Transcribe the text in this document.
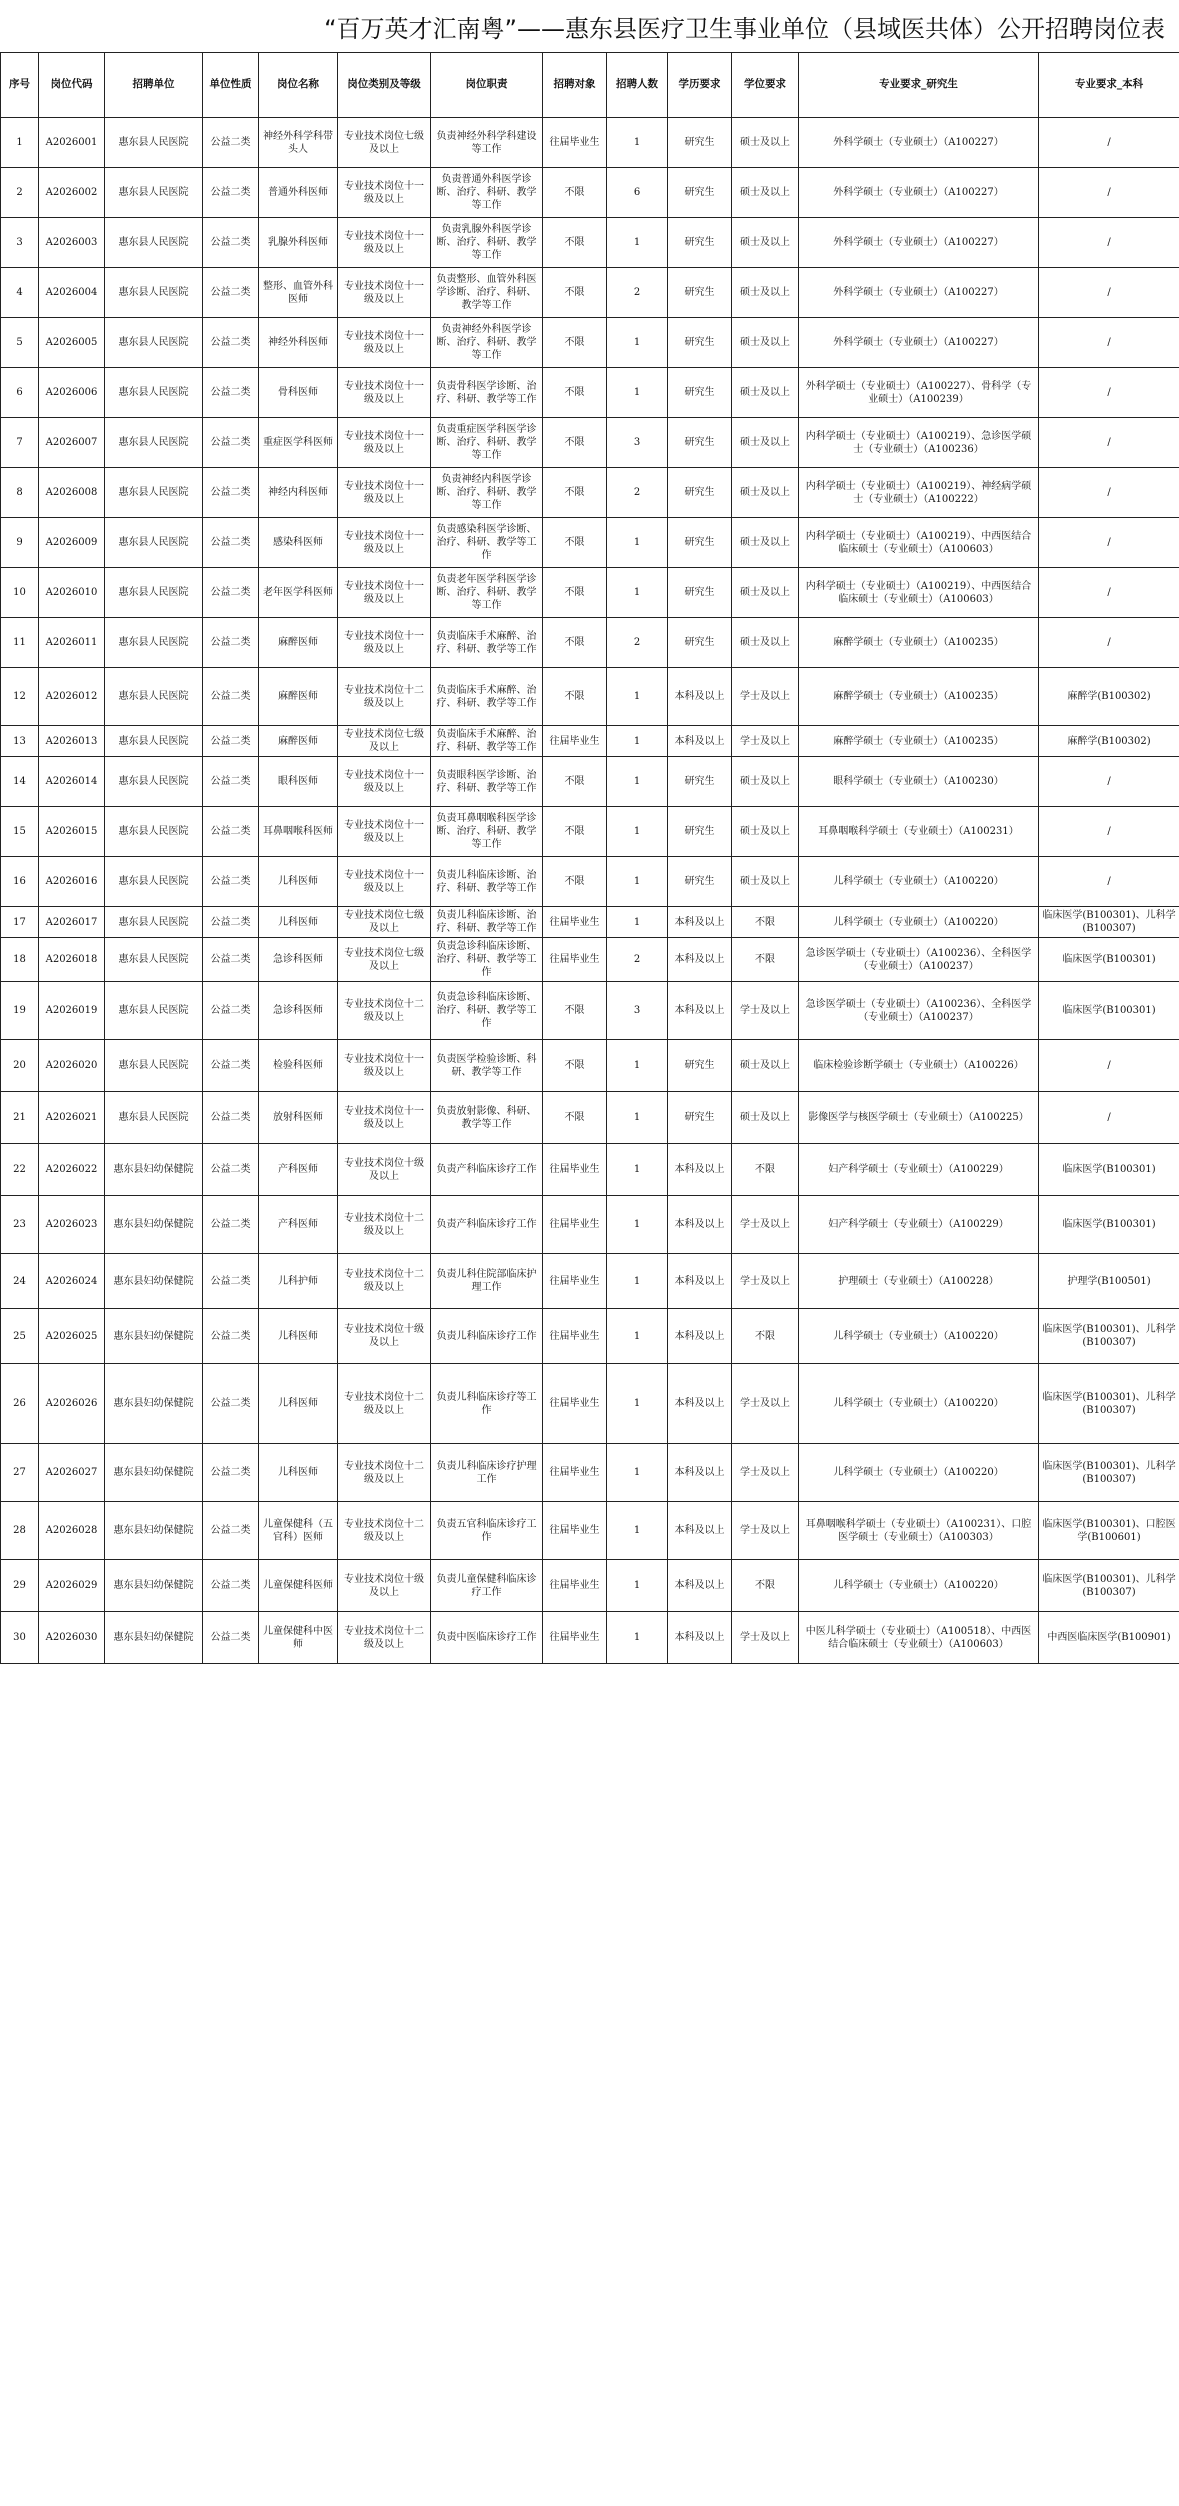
“百万英才汇南粤”——惠东县医疗卫生事业单位（县域医共体）公开招聘岗位表
序号	岗位代码	招聘单位	单位性质	岗位名称	岗位类别及等级	岗位职责	招聘对象	招聘人数	学历要求	学位要求	专业要求_研究生	专业要求_本科
1	A2026001	惠东县人民医院	公益二类	神经外科学科带头人	专业技术岗位七级及以上	负责神经外科学科建设等工作	往届毕业生	1	研究生	硕士及以上	外科学硕士（专业硕士）（A100227）	/
2	A2026002	惠东县人民医院	公益二类	普通外科医师	专业技术岗位十一级及以上	负责普通外科医学诊断、治疗、科研、教学等工作	不限	6	研究生	硕士及以上	外科学硕士（专业硕士）（A100227）	/
3	A2026003	惠东县人民医院	公益二类	乳腺外科医师	专业技术岗位十一级及以上	负责乳腺外科医学诊断、治疗、科研、教学等工作	不限	1	研究生	硕士及以上	外科学硕士（专业硕士）（A100227）	/
4	A2026004	惠东县人民医院	公益二类	整形、血管外科医师	专业技术岗位十一级及以上	负责整形、血管外科医学诊断、治疗、科研、教学等工作	不限	2	研究生	硕士及以上	外科学硕士（专业硕士）（A100227）	/
5	A2026005	惠东县人民医院	公益二类	神经外科医师	专业技术岗位十一级及以上	负责神经外科医学诊断、治疗、科研、教学等工作	不限	1	研究生	硕士及以上	外科学硕士（专业硕士）（A100227）	/
6	A2026006	惠东县人民医院	公益二类	骨科医师	专业技术岗位十一级及以上	负责骨科医学诊断、治疗、科研、教学等工作	不限	1	研究生	硕士及以上	外科学硕士（专业硕士）（A100227）、骨科学（专业硕士）（A100239）	/
7	A2026007	惠东县人民医院	公益二类	重症医学科医师	专业技术岗位十一级及以上	负责重症医学科医学诊断、治疗、科研、教学等工作	不限	3	研究生	硕士及以上	内科学硕士（专业硕士）（A100219）、急诊医学硕士（专业硕士）（A100236）	/
8	A2026008	惠东县人民医院	公益二类	神经内科医师	专业技术岗位十一级及以上	负责神经内科医学诊断、治疗、科研、教学等工作	不限	2	研究生	硕士及以上	内科学硕士（专业硕士）（A100219）、神经病学硕士（专业硕士）（A100222）	/
9	A2026009	惠东县人民医院	公益二类	感染科医师	专业技术岗位十一级及以上	负责感染科医学诊断、治疗、科研、教学等工作	不限	1	研究生	硕士及以上	内科学硕士（专业硕士）（A100219）、中西医结合临床硕士（专业硕士）（A100603）	/
10	A2026010	惠东县人民医院	公益二类	老年医学科医师	专业技术岗位十一级及以上	负责老年医学科医学诊断、治疗、科研、教学等工作	不限	1	研究生	硕士及以上	内科学硕士（专业硕士）（A100219）、中西医结合临床硕士（专业硕士）（A100603）	/
11	A2026011	惠东县人民医院	公益二类	麻醉医师	专业技术岗位十一级及以上	负责临床手术麻醉、治疗、科研、教学等工作	不限	2	研究生	硕士及以上	麻醉学硕士（专业硕士）（A100235）	/
12	A2026012	惠东县人民医院	公益二类	麻醉医师	专业技术岗位十二级及以上	负责临床手术麻醉、治疗、科研、教学等工作	不限	1	本科及以上	学士及以上	麻醉学硕士（专业硕士）（A100235）	麻醉学(B100302)
13	A2026013	惠东县人民医院	公益二类	麻醉医师	专业技术岗位七级及以上	负责临床手术麻醉、治疗、科研、教学等工作	往届毕业生	1	本科及以上	学士及以上	麻醉学硕士（专业硕士）（A100235）	麻醉学(B100302)
14	A2026014	惠东县人民医院	公益二类	眼科医师	专业技术岗位十一级及以上	负责眼科医学诊断、治疗、科研、教学等工作	不限	1	研究生	硕士及以上	眼科学硕士（专业硕士）（A100230）	/
15	A2026015	惠东县人民医院	公益二类	耳鼻咽喉科医师	专业技术岗位十一级及以上	负责耳鼻咽喉科医学诊断、治疗、科研、教学等工作	不限	1	研究生	硕士及以上	耳鼻咽喉科学硕士（专业硕士）（A100231）	/
16	A2026016	惠东县人民医院	公益二类	儿科医师	专业技术岗位十一级及以上	负责儿科临床诊断、治疗、科研、教学等工作	不限	1	研究生	硕士及以上	儿科学硕士（专业硕士）（A100220）	/
17	A2026017	惠东县人民医院	公益二类	儿科医师	专业技术岗位七级及以上	负责儿科临床诊断、治疗、科研、教学等工作	往届毕业生	1	本科及以上	不限	儿科学硕士（专业硕士）（A100220）	临床医学(B100301)、儿科学(B100307)
18	A2026018	惠东县人民医院	公益二类	急诊科医师	专业技术岗位七级及以上	负责急诊科临床诊断、治疗、科研、教学等工作	往届毕业生	2	本科及以上	不限	急诊医学硕士（专业硕士）（A100236）、全科医学（专业硕士）（A100237）	临床医学(B100301)
19	A2026019	惠东县人民医院	公益二类	急诊科医师	专业技术岗位十二级及以上	负责急诊科临床诊断、治疗、科研、教学等工作	不限	3	本科及以上	学士及以上	急诊医学硕士（专业硕士）（A100236）、全科医学（专业硕士）（A100237）	临床医学(B100301)
20	A2026020	惠东县人民医院	公益二类	检验科医师	专业技术岗位十一级及以上	负责医学检验诊断、科研、教学等工作	不限	1	研究生	硕士及以上	临床检验诊断学硕士（专业硕士）（A100226）	/
21	A2026021	惠东县人民医院	公益二类	放射科医师	专业技术岗位十一级及以上	负责放射影像、科研、教学等工作	不限	1	研究生	硕士及以上	影像医学与核医学硕士（专业硕士）（A100225）	/
22	A2026022	惠东县妇幼保健院	公益二类	产科医师	专业技术岗位十级及以上	负责产科临床诊疗工作	往届毕业生	1	本科及以上	不限	妇产科学硕士（专业硕士）（A100229）	临床医学(B100301)
23	A2026023	惠东县妇幼保健院	公益二类	产科医师	专业技术岗位十二级及以上	负责产科临床诊疗工作	往届毕业生	1	本科及以上	学士及以上	妇产科学硕士（专业硕士）（A100229）	临床医学(B100301)
24	A2026024	惠东县妇幼保健院	公益二类	儿科护师	专业技术岗位十二级及以上	负责儿科住院部临床护理工作	往届毕业生	1	本科及以上	学士及以上	护理硕士（专业硕士）（A100228）	护理学(B100501)
25	A2026025	惠东县妇幼保健院	公益二类	儿科医师	专业技术岗位十级及以上	负责儿科临床诊疗工作	往届毕业生	1	本科及以上	不限	儿科学硕士（专业硕士）（A100220）	临床医学(B100301)、儿科学(B100307)
26	A2026026	惠东县妇幼保健院	公益二类	儿科医师	专业技术岗位十二级及以上	负责儿科临床诊疗等工作	往届毕业生	1	本科及以上	学士及以上	儿科学硕士（专业硕士）（A100220）	临床医学(B100301)、儿科学(B100307)
27	A2026027	惠东县妇幼保健院	公益二类	儿科医师	专业技术岗位十二级及以上	负责儿科临床诊疗护理工作	往届毕业生	1	本科及以上	学士及以上	儿科学硕士（专业硕士）（A100220）	临床医学(B100301)、儿科学(B100307)
28	A2026028	惠东县妇幼保健院	公益二类	儿童保健科（五官科）医师	专业技术岗位十二级及以上	负责五官科临床诊疗工作	往届毕业生	1	本科及以上	学士及以上	耳鼻咽喉科学硕士（专业硕士）（A100231）、口腔医学硕士（专业硕士）（A100303）	临床医学(B100301)、口腔医学(B100601)
29	A2026029	惠东县妇幼保健院	公益二类	儿童保健科医师	专业技术岗位十级及以上	负责儿童保健科临床诊疗工作	往届毕业生	1	本科及以上	不限	儿科学硕士（专业硕士）（A100220）	临床医学(B100301)、儿科学(B100307)
30	A2026030	惠东县妇幼保健院	公益二类	儿童保健科中医师	专业技术岗位十二级及以上	负责中医临床诊疗工作	往届毕业生	1	本科及以上	学士及以上	中医儿科学硕士（专业硕士）（A100518）、中西医结合临床硕士（专业硕士）（A100603）	中西医临床医学(B100901)
